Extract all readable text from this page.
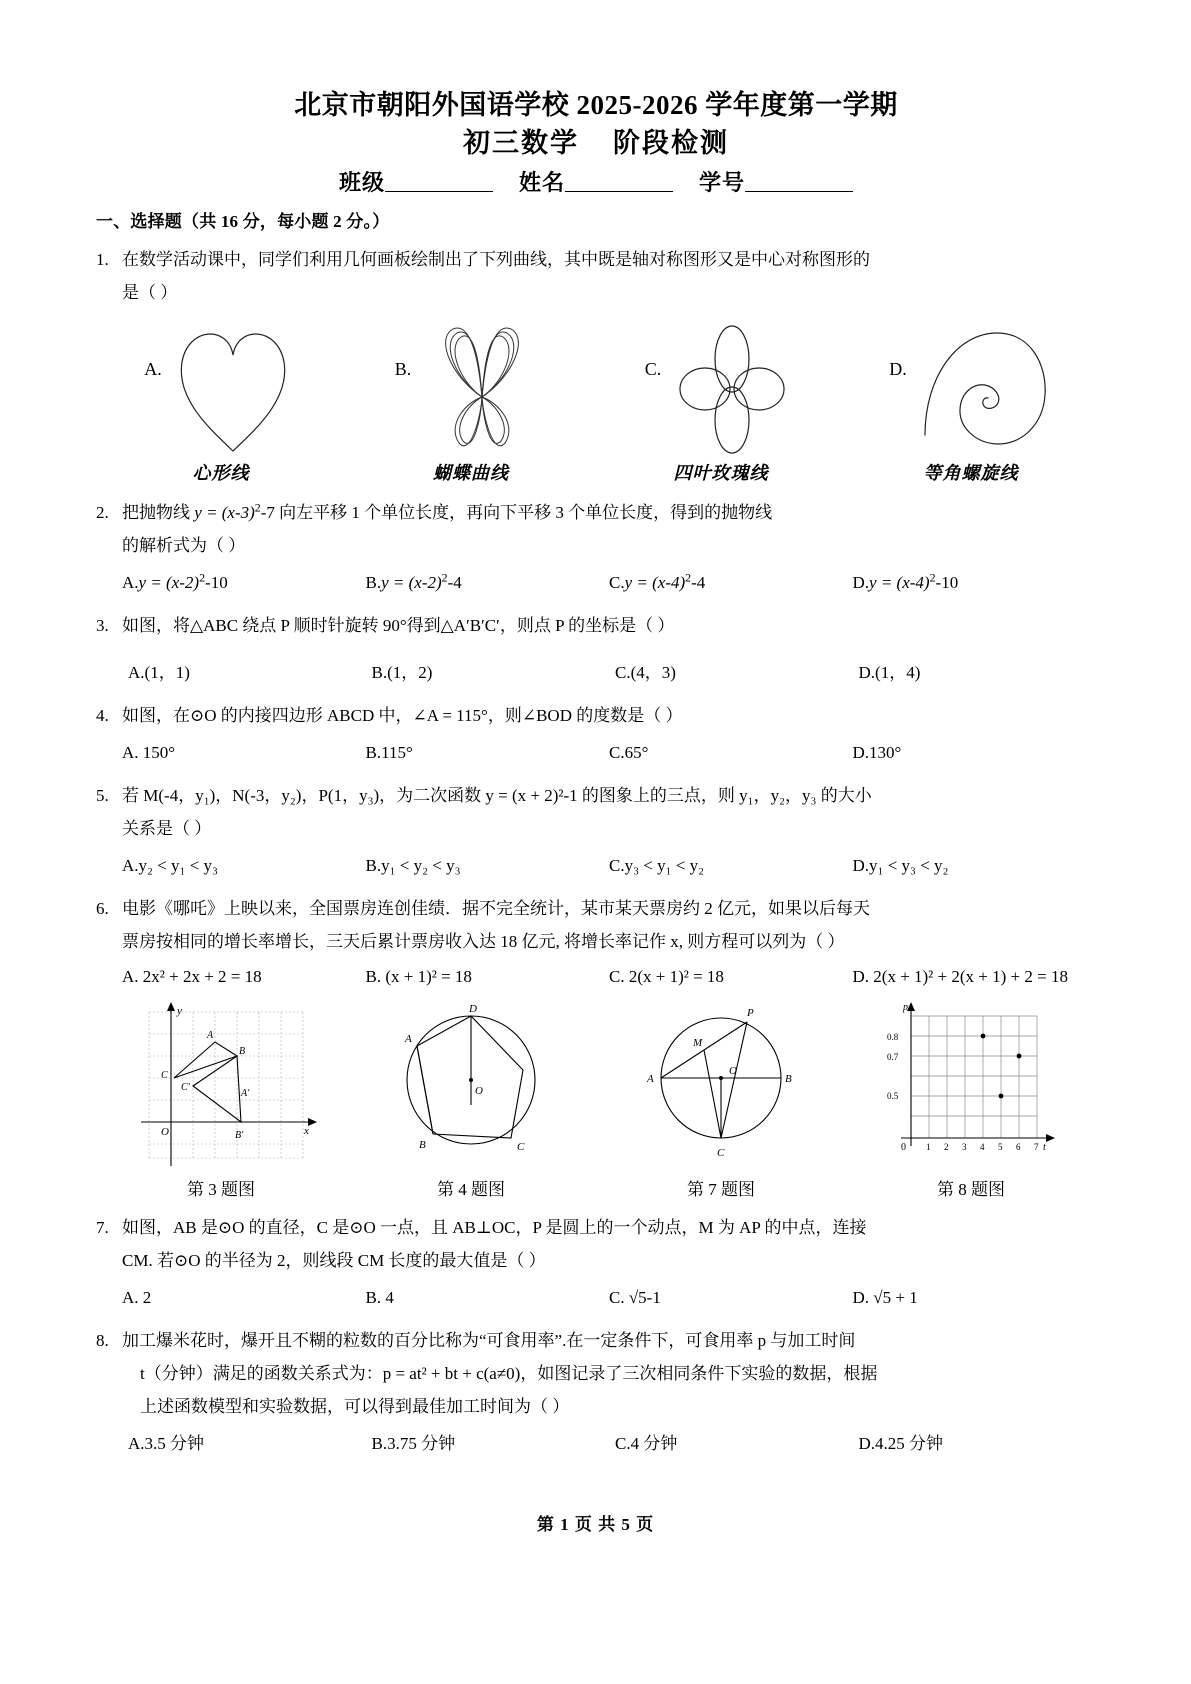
北京市朝阳外国语学校 2025-2026 学年度第一学期
初三数学 阶段检测
班级	姓名	学号
一、选择题（共 16 分，每小题 2 分。）
1. 在数学活动课中，同学们利用几何画板绘制出了下列曲线，其中既是轴对称图形又是中心对称图形的

是（ ）

A.	B.	C.	D.
心形线	蝴蝶曲线	四叶玫瑰线	等角螺旋线
2. 把抛物线 $y = (x-3)^2-7$ 向左平移 1 个单位长度，再向下平移 3 个单位长度，得到的抛物线

的解析式为（ ）

$A.y = (x-2)^2-10$	$B.y = (x-2)^2-4$	$C.y = (x-4)^2-4$	$D.y = (x-4)^2-10$
3. 如图，将△ABC 绕点 P 顺时针旋转 90°得到△A′B′C′，则点 P 的坐标是（ ）

A.(1，1)	B.(1，2)	C.(4，3)	D.(1，4)
4. 如图，在⊙O 的内接四边形 ABCD 中，∠A = 115°，则∠BOD 的度数是（ ）

A. 150°	B.115°	C.65°	D.130°
5. 若 M(-4，y₁)，N(-3，y₂)，P(1，y₃)，为二次函数 y = (x + 2)²-1 的图象上的三点，则 y₁，y₂，y₃ 的大小

关系是（ ）

A.y₂ < y₁ < y₃	B.y₁ < y₂ < y₃	C.y₃ < y₁ < y₂	D.y₁ < y₃ < y₂
6. 电影《哪吒》上映以来，全国票房连创佳绩．据不完全统计，某市某天票房约 2 亿元，如果以后每天

票房按相同的增长率增长，三天后累计票房收入达 18 亿元, 将增长率记作 x, 则方程可以列为（ ）

A. 2x² + 2x + 2 = 18	B. (x + 1)² = 18	C. 2(x + 1)² = 18	D. 2(x + 1)² + 2(x + 1) + 2 = 18
y
x
O
A
B
C
C′
A′
B′
第 3 题图
A
D
B	C
O
第 4 题图
A	B
C
O
P
M
第 7 题图
p
t
0
0.8
0.7
0.5
1 2 3 4 5 6 7
第 8 题图
7. 如图，AB 是⊙O 的直径，C 是⊙O 一点，且 AB⊥OC，P 是圆上的一个动点，M 为 AP 的中点，连接

CM. 若⊙O 的半径为 2，则线段 CM 长度的最大值是（ ）

A. 2	B. 4	C. √5-1	D. √5 + 1
8. 加工爆米花时，爆开且不糊的粒数的百分比称为“可食用率”.在一定条件下，可食用率 p 与加工时间

t（分钟）满足的函数关系式为：p = at² + bt + c(a≠0)，如图记录了三次相同条件下实验的数据，根据

上述函数模型和实验数据，可以得到最佳加工时间为（ ）

A.3.5 分钟	B.3.75 分钟	C.4 分钟	D.4.25 分钟
第 1 页 共 5 页
